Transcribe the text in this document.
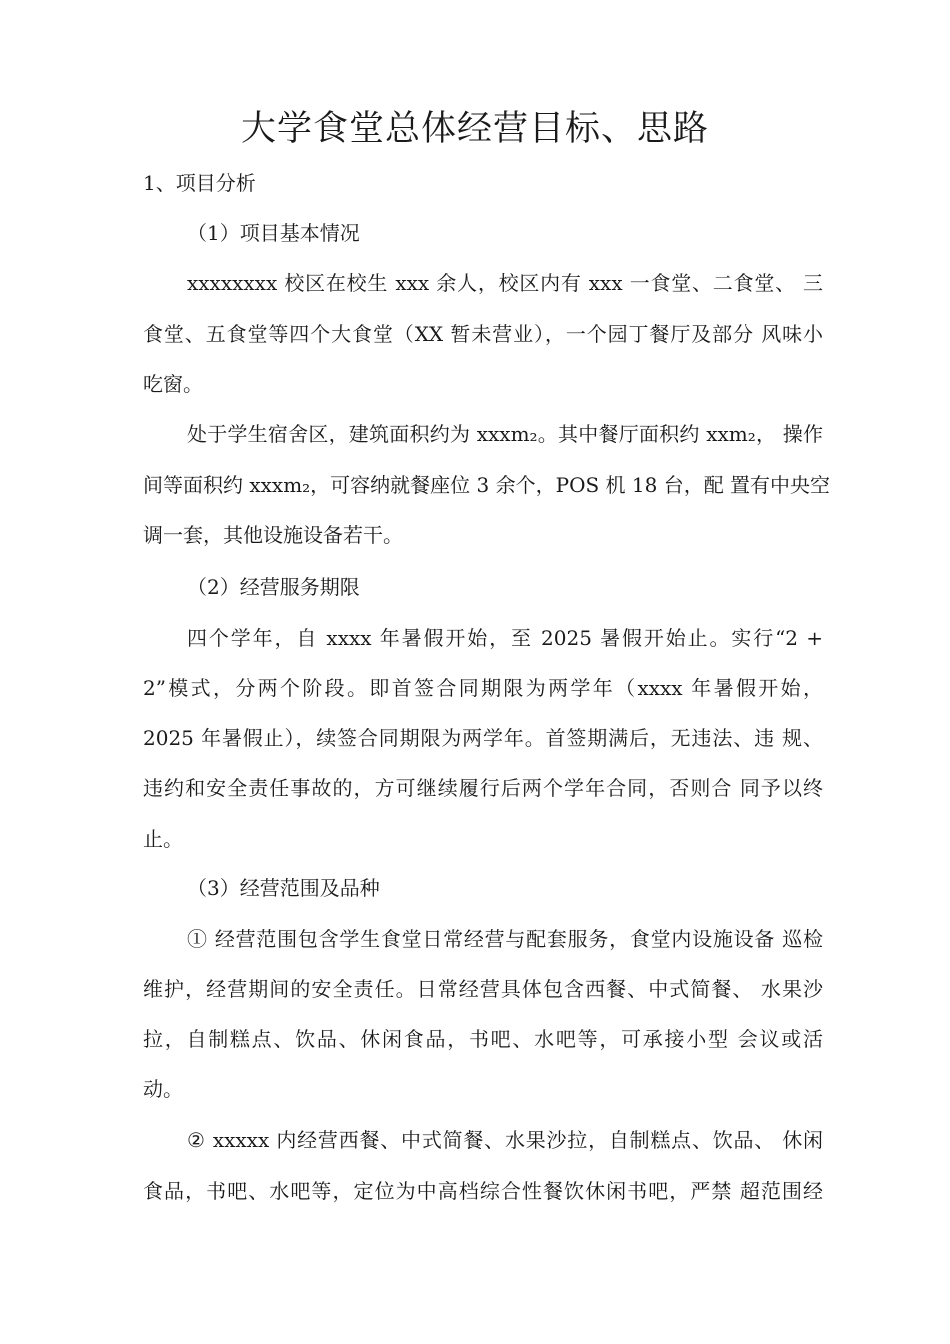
大学食堂总体经营目标、思路

1、项目分析

（1）项目基本情况

xxxxxxxx 校区在校生 xxx 余人，校区内有 xxx 一食堂、二食堂、 三

食堂、五食堂等四个大食堂（XX 暂未营业），一个园丁餐厅及部分 风味小

吃窗。

处于学生宿舍区，建筑面积约为 xxxm₂。其中餐厅面积约 xxm₂， 操作

间等面积约 xxxm₂，可容纳就餐座位 3 余个，POS 机 18 台，配 置有中央空

调一套，其他设施设备若干。

（2）经营服务期限

四个学年，自 xxxx 年暑假开始，至 2025 暑假开始止。实行“2 +

2”模式，分两个阶段。即首签合同期限为两学年（xxxx 年暑假开始，

2025 年暑假止），续签合同期限为两学年。首签期满后，无违法、违 规、

违约和安全责任事故的，方可继续履行后两个学年合同，否则合 同予以终

止。

（3）经营范围及品种

① 经营范围包含学生食堂日常经营与配套服务，食堂内设施设备 巡检

维护，经营期间的安全责任。日常经营具体包含西餐、中式简餐、 水果沙

拉，自制糕点、饮品、休闲食品，书吧、水吧等，可承接小型 会议或活

动。

② xxxxx 内经营西餐、中式简餐、水果沙拉，自制糕点、饮品、 休闲

食品，书吧、水吧等，定位为中高档综合性餐饮休闲书吧，严禁 超范围经
